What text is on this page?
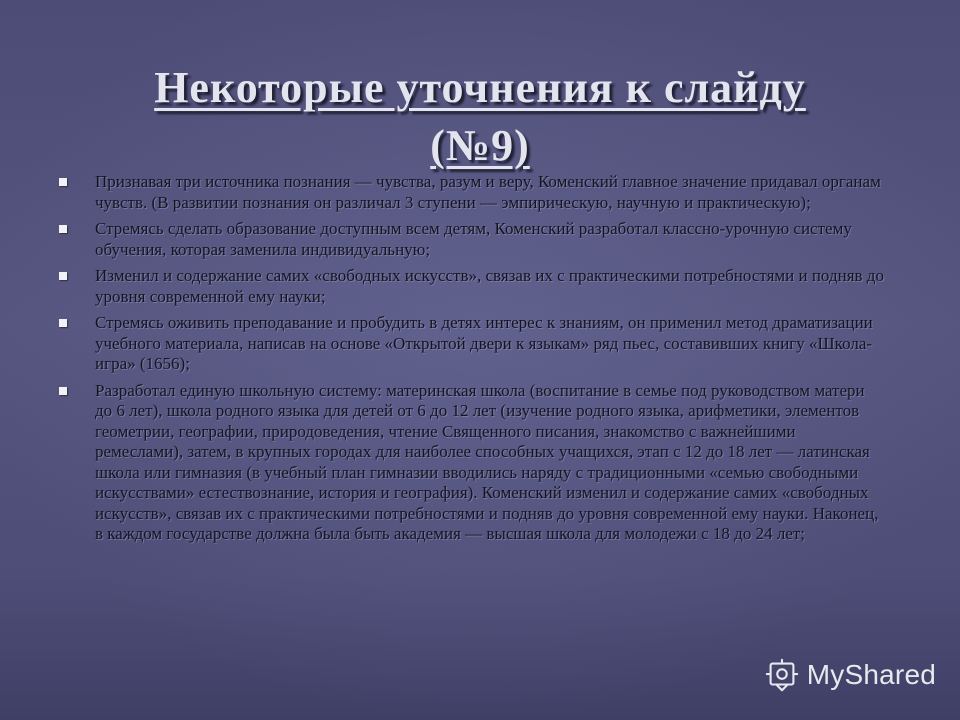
Некоторые уточнения к слайду
(№9)
Признавая три источника познания — чувства, разум и веру, Коменский главное значение придавал органам чувств. (В развитии познания он различал 3 ступени — эмпирическую, научную и практическую);
Стремясь сделать образование доступным всем детям, Коменский разработал классно-урочную систему обучения, которая заменила индивидуальную;
Изменил и содержание самих «свободных искусств», связав их с практическими потребностями и подняв до уровня современной ему науки;
Стремясь оживить преподавание и пробудить в детях интерес к знаниям, он применил метод драматизации учебного материала, написав на основе «Открытой двери к языкам» ряд пьес, составивших книгу «Школа-игра» (1656);
Разработал единую школьную систему: материнская школа (воспитание в семье под руководством матери до 6 лет), школа родного языка для детей от 6 до 12 лет (изучение родного языка, арифметики, элементов геометрии, географии, природоведения, чтение Священного писания, знакомство с важнейшими ремеслами), затем, в крупных городах для наиболее способных учащихся, этап с 12 до 18 лет — латинская школа или гимназия (в учебный план гимназии вводились наряду с традиционными «семью свободными искусствами» естествознание, история и география). Коменский изменил и содержание самих «свободных искусств», связав их с практическими потребностями и подняв до уровня современной ему науки. Наконец, в каждом государстве должна была быть академия — высшая школа для молодежи с 18 до 24 лет;
MyShared
